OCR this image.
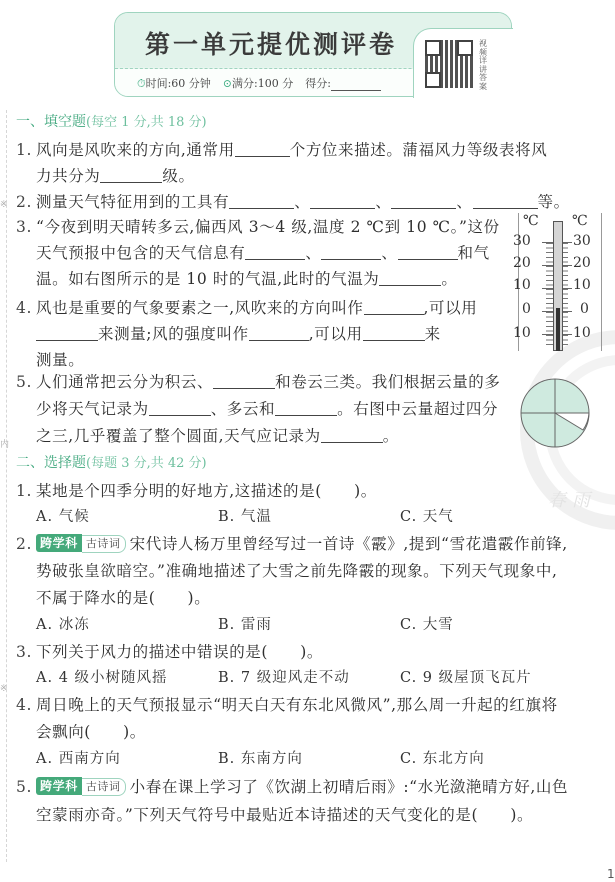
※
内
※
第一单元提优测评卷
⏱时间:60 分钟 ⊙满分:100 分 得分:
视频详讲答案
一、填空题(每空 1 分,共 18 分)
1. 风向是风吹来的方向,通常用	个方位来描述。蒲福风力等级表将风
力共分为	级。
2. 测量天气特征用到的工具有	、	、	、	等。
3. “今夜到明天晴转多云,偏西风 3～4 级,温度 2 ℃到 10 ℃。”这份
天气预报中包含的天气信息有	、	、	和气
温。如右图所示的是 10 时的气温,此时的气温为	。
4. 风也是重要的气象要素之一,风吹来的方向叫作	,可以用
来测量;风的强度叫作	,可以用	来
测量。
5. 人们通常把云分为积云、	和卷云三类。我们根据云量的多
少将天气记录为	、多云和	。右图中云量超过四分
之三,几乎覆盖了整个圆面,天气应记录为	。
春雨
℃ ℃
30
20
10
0
10
30
20
10
0
10
二、选择题(每题 3 分,共 42 分)
1. 某地是个四季分明的好地方,这描述的是(　　)。
A. 气候	B. 气温	C. 天气
2. 跨学科 古诗词 宋代诗人杨万里曾经写过一首诗《霰》,提到“雪花遣霰作前锋,
势破张皇欲暗空。”准确地描述了大雪之前先降霰的现象。下列天气现象中,
不属于降水的是(　　)。
A. 冰冻	B. 雷雨	C. 大雪
3. 下列关于风力的描述中错误的是(　　)。
A. 4 级小树随风摇	B. 7 级迎风走不动	C. 9 级屋顶飞瓦片
4. 周日晚上的天气预报显示“明天白天有东北风微风”,那么周一升起的红旗将
会飘向(　　)。
A. 西南方向	B. 东南方向	C. 东北方向
5. 跨学科 古诗词 小春在课上学习了《饮湖上初晴后雨》:“水光潋滟晴方好,山色
空蒙雨亦奇。”下列天气符号中最贴近本诗描述的天气变化的是(　　)。
1
